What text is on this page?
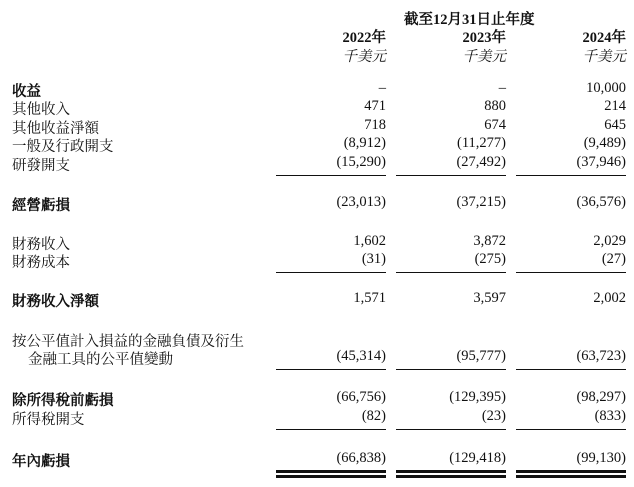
截至12月31日止年度
2022年	2023年	2024年
千美元	千美元	千美元
收益	–	–	10,000
其他收入	471	880	214
其他收益淨額	718	674	645
一般及行政開支	(8,912)	(11,277)	(9,489)
研發開支	(15,290)	(27,492)	(37,946)
經營虧損	(23,013)	(37,215)	(36,576)
財務收入	1,602	3,872	2,029
財務成本	(31)	(275)	(27)
財務收入淨額	1,571	3,597	2,002
按公平值計入損益的金融負債及衍生
金融工具的公平值變動	(45,314)	(95,777)	(63,723)
除所得稅前虧損	(66,756)	(129,395)	(98,297)
所得稅開支	(82)	(23)	(833)
年內虧損	(66,838)	(129,418)	(99,130)
